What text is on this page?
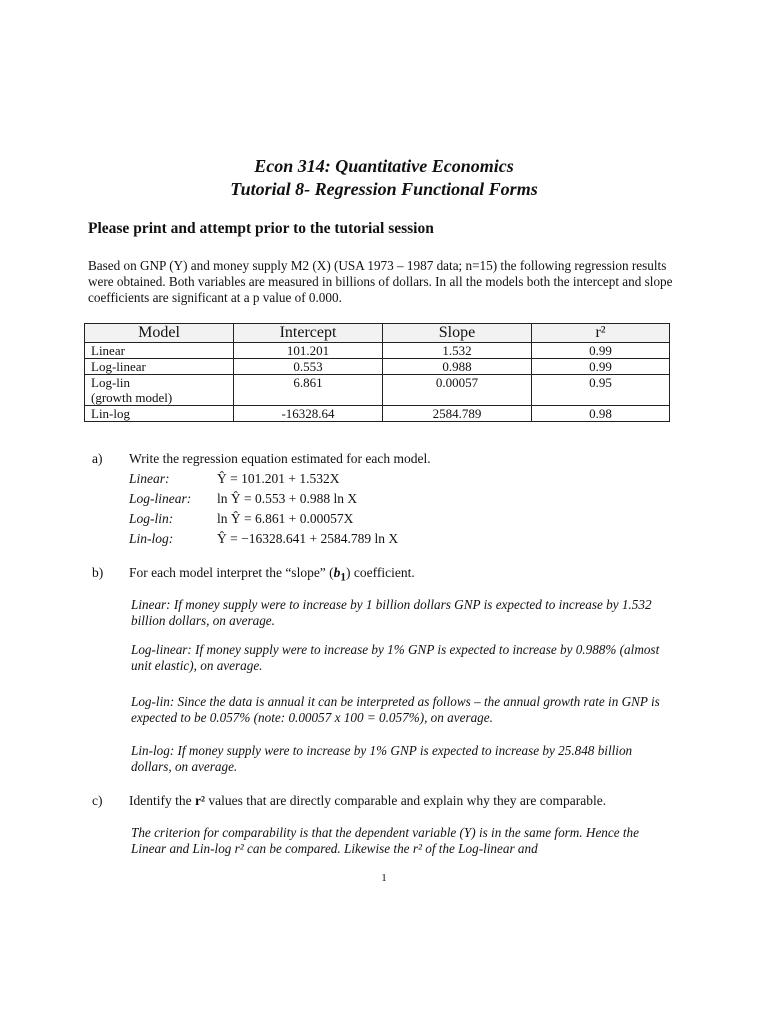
Econ 314: Quantitative Economics
Tutorial 8- Regression Functional Forms
Please print and attempt prior to the tutorial session
Based on GNP (Y) and money supply M2 (X) (USA 1973 – 1987 data; n=15) the following regression results were obtained. Both variables are measured in billions of dollars. In all the models both the intercept and slope coefficients are significant at a p value of 0.000.
Model	Intercept	Slope	r²
Linear	101.201	1.532	0.99
Log-linear	0.553	0.988	0.99

Log-lin
(growth model)	6.861	0.00057	0.95
Lin-log	-16328.64	2584.789	0.98
a) Write the regression equation estimated for each model.
Linear:	Ŷ = 101.201 + 1.532X
Log-linear: ln Ŷ = 0.553 + 0.988 ln X
Log-lin:	ln Ŷ = 6.861 + 0.00057X
Lin-log:	Ŷ = −16328.641 + 2584.789 ln X
b) For each model interpret the “slope” $(b_1)$ coefficient.
Linear: If money supply were to increase by 1 billion dollars GNP is expected to increase by 1.532 billion dollars, on average.
Log-linear: If money supply were to increase by 1% GNP is expected to increase by 0.988% (almost unit elastic), on average.
Log-lin: Since the data is annual it can be interpreted as follows – the annual growth rate in GNP is expected to be 0.057% (note: 0.00057 x 100 = 0.057%), on average.
Lin-log: If money supply were to increase by 1% GNP is expected to increase by 25.848 billion dollars, on average.
c) Identify the r² values that are directly comparable and explain why they are comparable.
The criterion for comparability is that the dependent variable (Y) is in the same form. Hence the Linear and Lin-log r² can be compared. Likewise the r² of the Log-linear and
1
